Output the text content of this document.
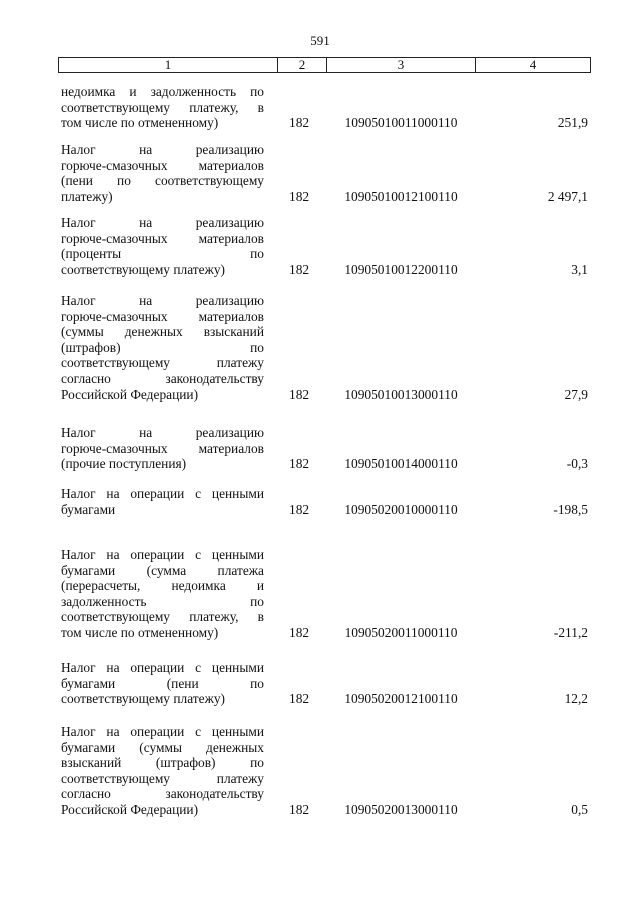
591
1	2	3	4
недоимка и задолженность по
соответствующему платежу, в
том числе по отмененному)	182	10905010011000110	251,9
Налог на реализацию
горюче-смазочных материалов
(пени по соответствующему
платежу)	182	10905010012100110	2 497,1
Налог на реализацию
горюче-смазочных материалов
(проценты по
соответствующему платежу)	182	10905010012200110	3,1
Налог на реализацию
горюче-смазочных материалов
(суммы денежных взысканий
(штрафов) по
соответствующему платежу
согласно законодательству
Российской Федерации)	182	10905010013000110	27,9
Налог на реализацию
горюче-смазочных материалов
(прочие поступления)	182	10905010014000110	-0,3
Налог на операции с ценными
бумагами	182	10905020010000110	-198,5
Налог на операции с ценными
бумагами (сумма платежа
(перерасчеты, недоимка и
задолженность по
соответствующему платежу, в
том числе по отмененному)	182	10905020011000110	-211,2
Налог на операции с ценными
бумагами (пени по
соответствующему платежу)	182	10905020012100110	12,2
Налог на операции с ценными
бумагами (суммы денежных
взысканий (штрафов) по
соответствующему платежу
согласно законодательству
Российской Федерации)	182	10905020013000110	0,5
